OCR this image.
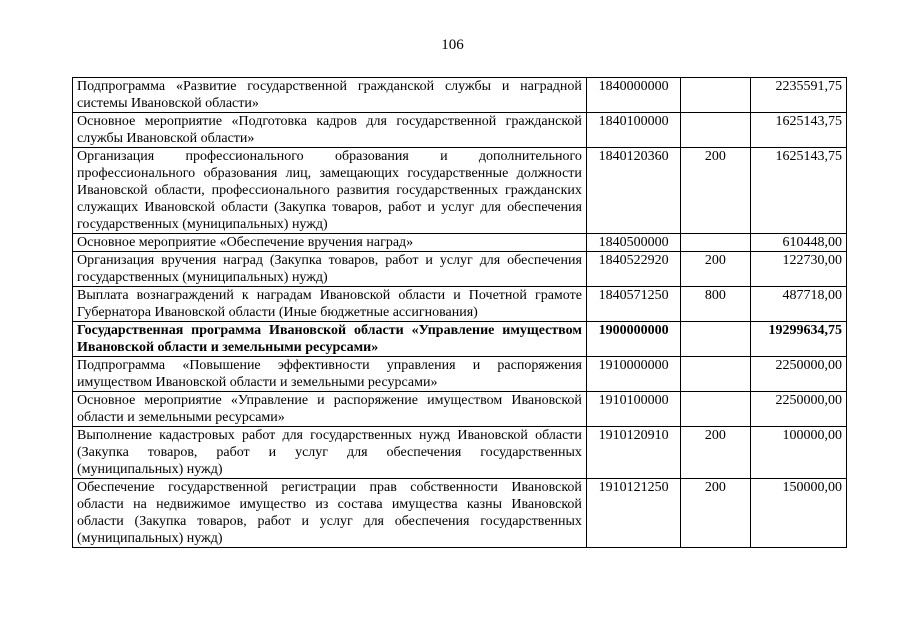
106
Подпрограмма «Развитие государственной гражданской службы и наградной системы Ивановской области»	1840000000		2235591,75
Основное мероприятие «Подготовка кадров для государственной гражданской службы Ивановской области»	1840100000		1625143,75
Организация профессионального образования и дополнительного профессионального образования лиц, замещающих государственные должности Ивановской области, профессионального развития государственных гражданских служащих Ивановской области (Закупка товаров, работ и услуг для обеспечения государственных (муниципальных) нужд)	1840120360	200	1625143,75
Основное мероприятие «Обеспечение вручения наград»	1840500000		610448,00
Организация вручения наград (Закупка товаров, работ и услуг для обеспечения государственных (муниципальных) нужд)	1840522920	200	122730,00
Выплата вознаграждений к наградам Ивановской области и Почетной грамоте Губернатора Ивановской области (Иные бюджетные ассигнования)	1840571250	800	487718,00
Государственная программа Ивановской области «Управление имуществом Ивановской области и земельными ресурсами»	1900000000		19299634,75
Подпрограмма «Повышение эффективности управления и распоряжения имуществом Ивановской области и земельными ресурсами»	1910000000		2250000,00
Основное мероприятие «Управление и распоряжение имуществом Ивановской области и земельными ресурсами»	1910100000		2250000,00
Выполнение кадастровых работ для государственных нужд Ивановской области (Закупка товаров, работ и услуг для обеспечения государственных (муниципальных) нужд)	1910120910	200	100000,00
Обеспечение государственной регистрации прав собственности Ивановской области на недвижимое имущество из состава имущества казны Ивановской области (Закупка товаров, работ и услуг для обеспечения государственных (муниципальных) нужд)	1910121250	200	150000,00
